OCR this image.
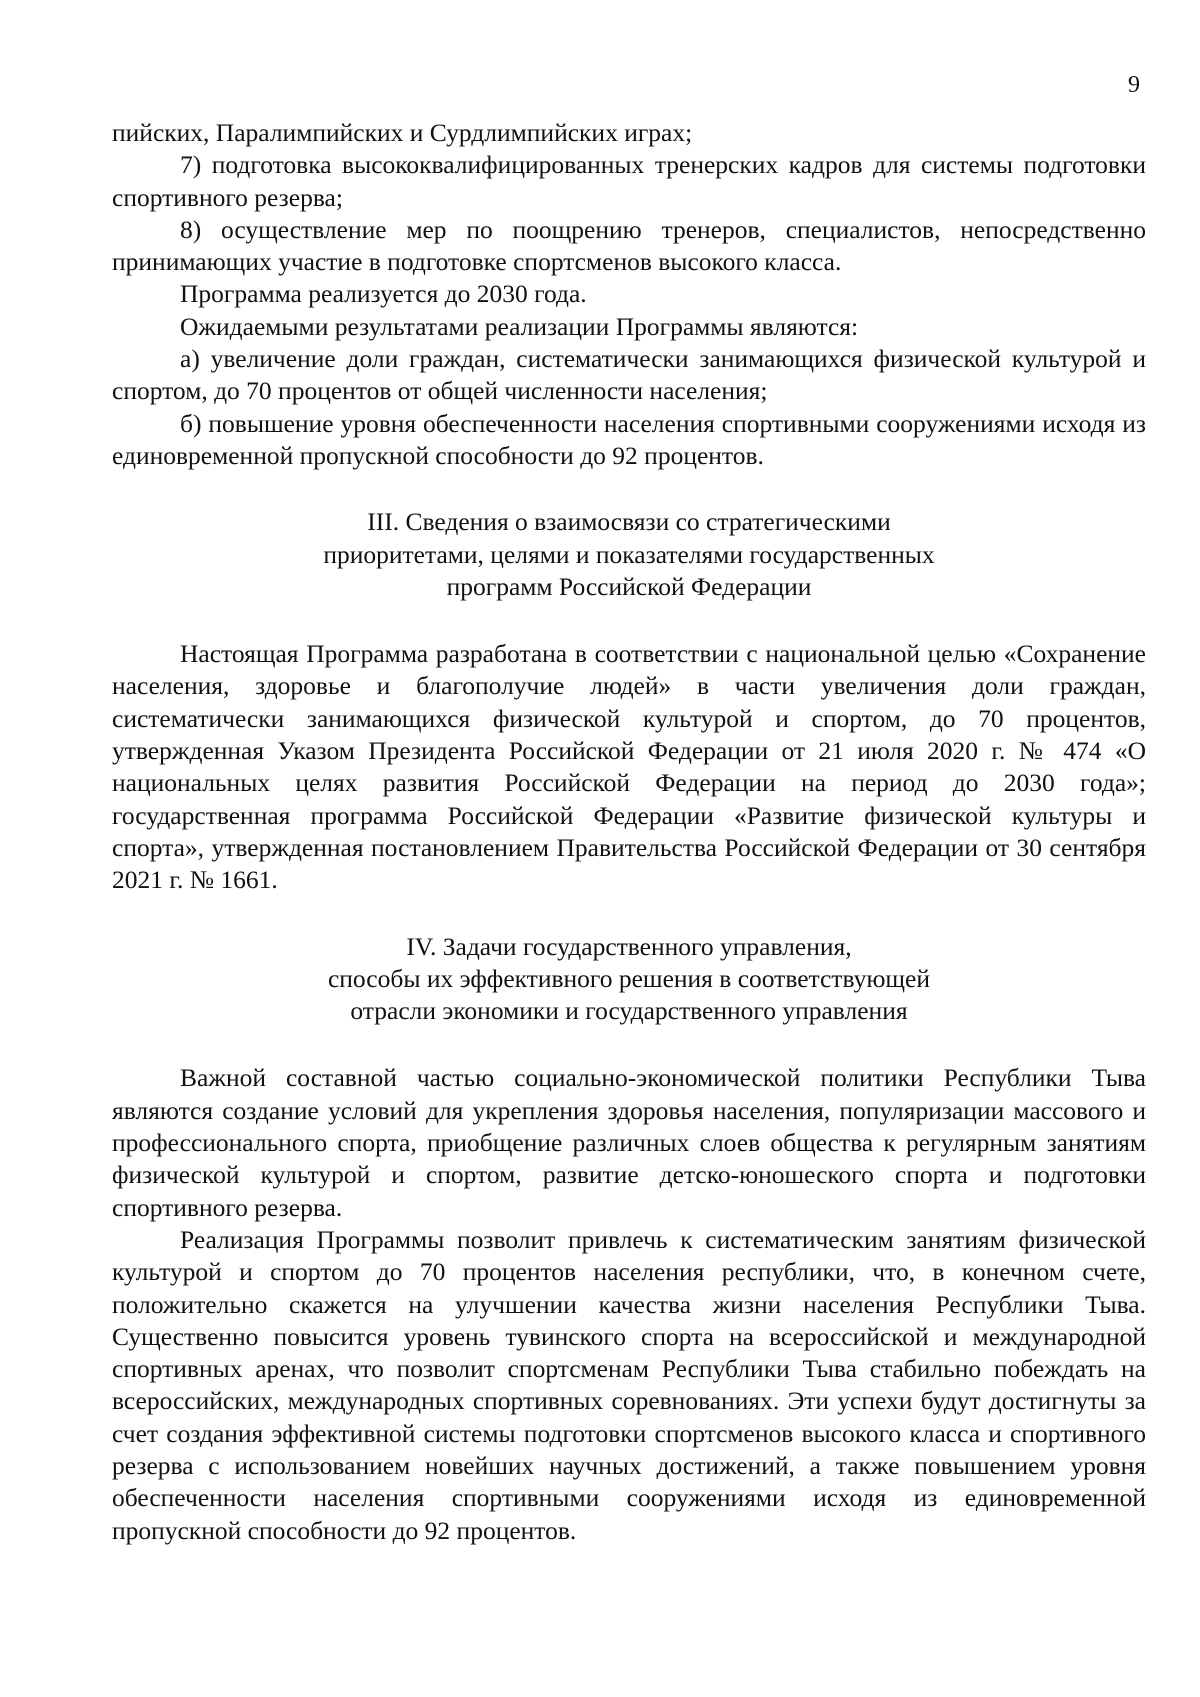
9

пийских, Паралимпийских и Сурдлимпийских играх;

7) подготовка высококвалифицированных тренерских кадров для системы подготовки спортивного резерва;

8) осуществление мер по поощрению тренеров, специалистов, непосредственно принимающих участие в подготовке спортсменов высокого класса.

Программа реализуется до 2030 года.

Ожидаемыми результатами реализации Программы являются:

а) увеличение доли граждан, систематически занимающихся физической культурой и спортом, до 70 процентов от общей численности населения;

б) повышение уровня обеспеченности населения спортивными сооружениями исходя из единовременной пропускной способности до 92 процентов.

III. Сведения о взаимосвязи со стратегическими
приоритетами, целями и показателями государственных
программ Российской Федерации

Настоящая Программа разработана в соответствии с национальной целью «Сохранение населения, здоровье и благополучие людей» в части увеличения доли граждан, систематически занимающихся физической культурой и спортом, до 70 процентов, утвержденная Указом Президента Российской Федерации от 21 июля 2020 г. № 474 «О национальных целях развития Российской Федерации на период до 2030 года»; государственная программа Российской Федерации «Развитие физической культуры и спорта», утвержденная постановлением Правительства Российской Федерации от 30 сентября 2021 г. № 1661.

IV. Задачи государственного управления,
способы их эффективного решения в соответствующей
отрасли экономики и государственного управления

Важной составной частью социально-экономической политики Республики Тыва являются создание условий для укрепления здоровья населения, популяризации массового и профессионального спорта, приобщение различных слоев общества к регулярным занятиям физической культурой и спортом, развитие детско-юношеского спорта и подготовки спортивного резерва.

Реализация Программы позволит привлечь к систематическим занятиям физической культурой и спортом до 70 процентов населения республики, что, в конечном счете, положительно скажется на улучшении качества жизни населения Республики Тыва. Существенно повысится уровень тувинского спорта на всероссийской и международной спортивных аренах, что позволит спортсменам Республики Тыва стабильно побеждать на всероссийских, международных спортивных соревнованиях. Эти успехи будут достигнуты за счет создания эффективной системы подготовки спортсменов высокого класса и спортивного резерва с использованием новейших научных достижений, а также повышением уровня обеспеченности населения спортивными сооружениями исходя из единовременной пропускной способности до 92 процентов.
